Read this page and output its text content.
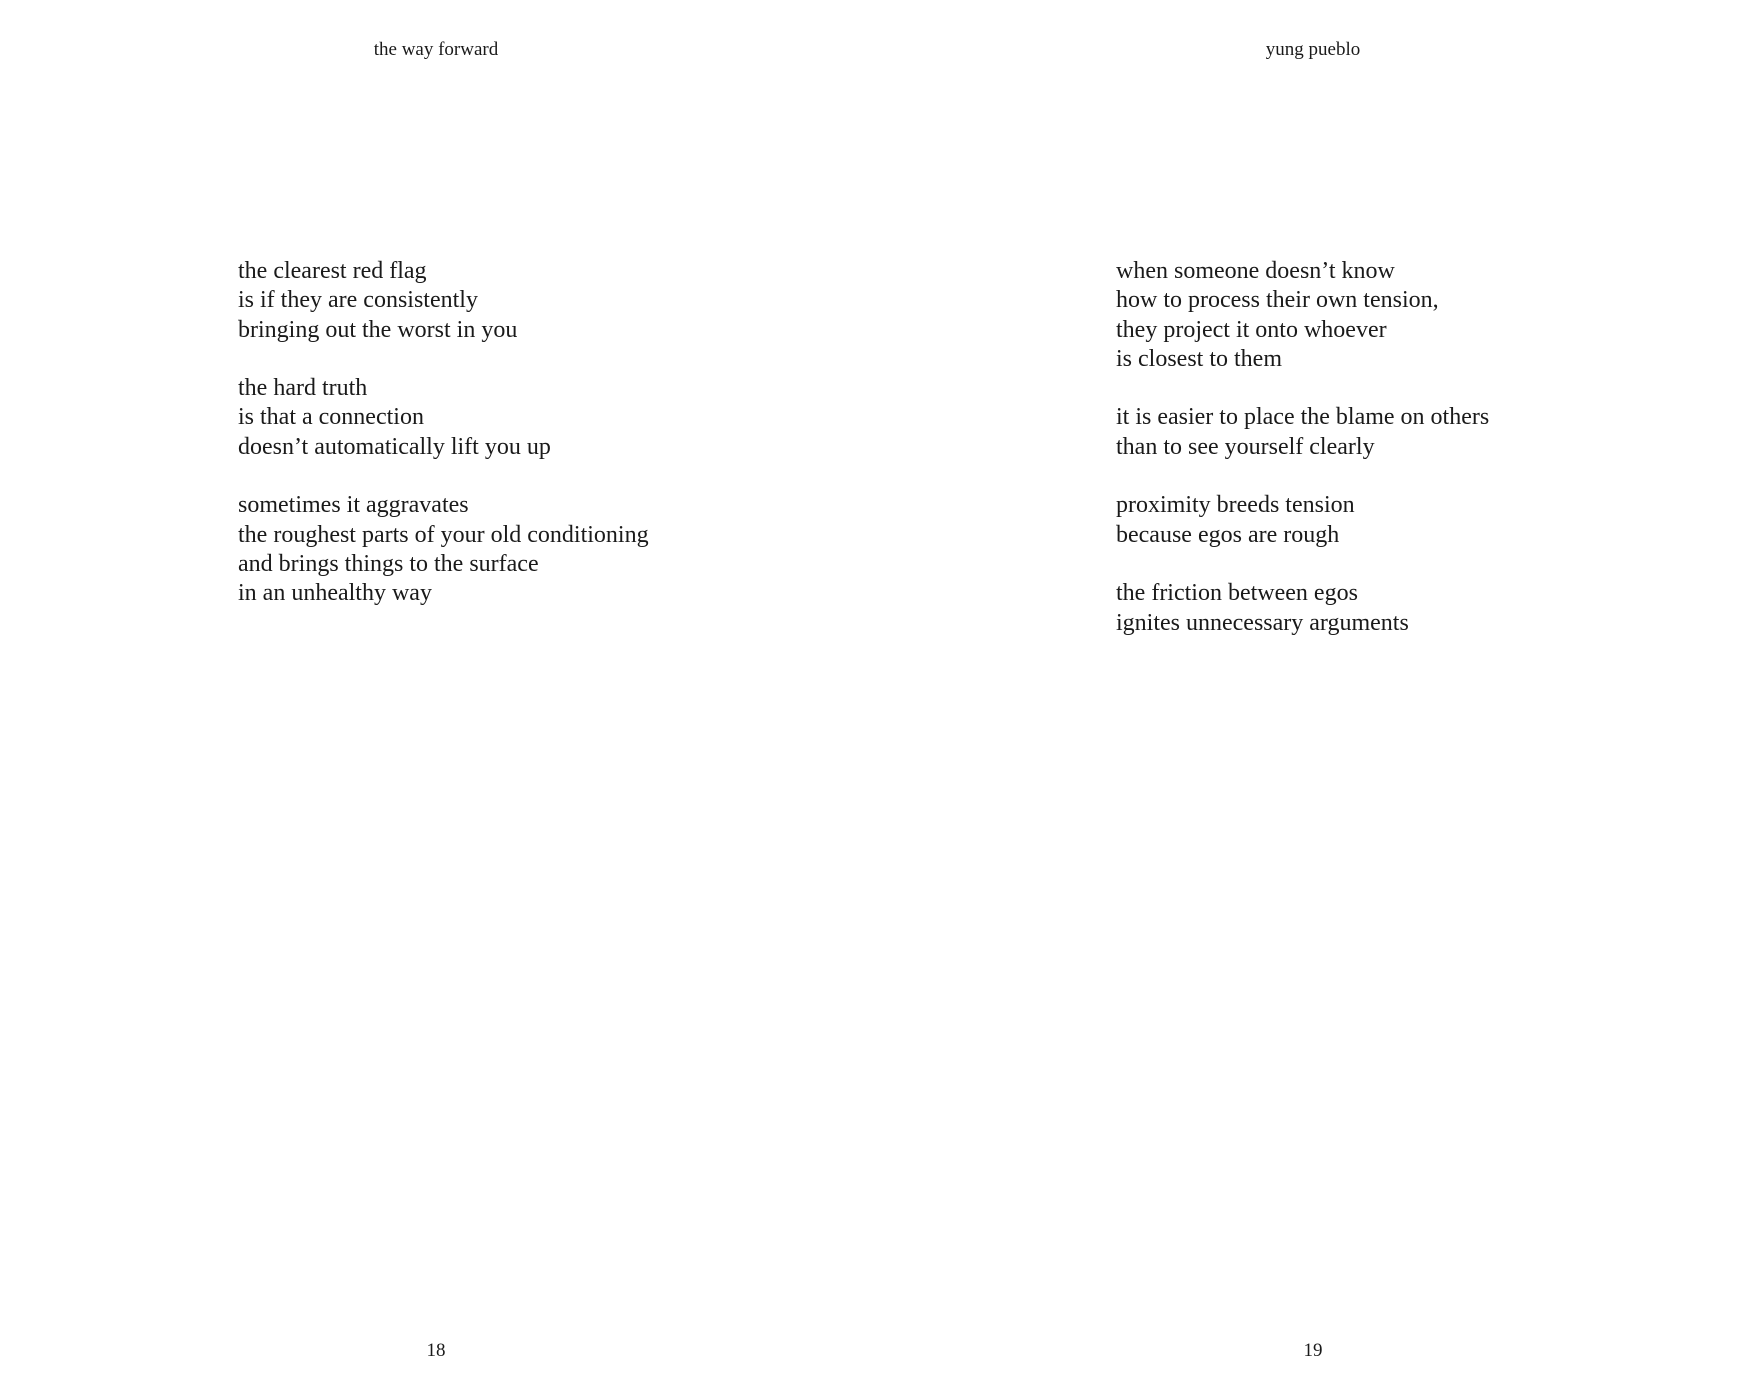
the way forward

the clearest red flag
is if they are consistently
bringing out the worst in you

the hard truth
is that a connection
doesn’t automatically lift you up

sometimes it aggravates
the roughest parts of your old conditioning
and brings things to the surface
in an unhealthy way

18
yung pueblo

when someone doesn’t know
how to process their own tension,
they project it onto whoever
is closest to them

it is easier to place the blame on others
than to see yourself clearly

proximity breeds tension
because egos are rough

the friction between egos
ignites unnecessary arguments

19
